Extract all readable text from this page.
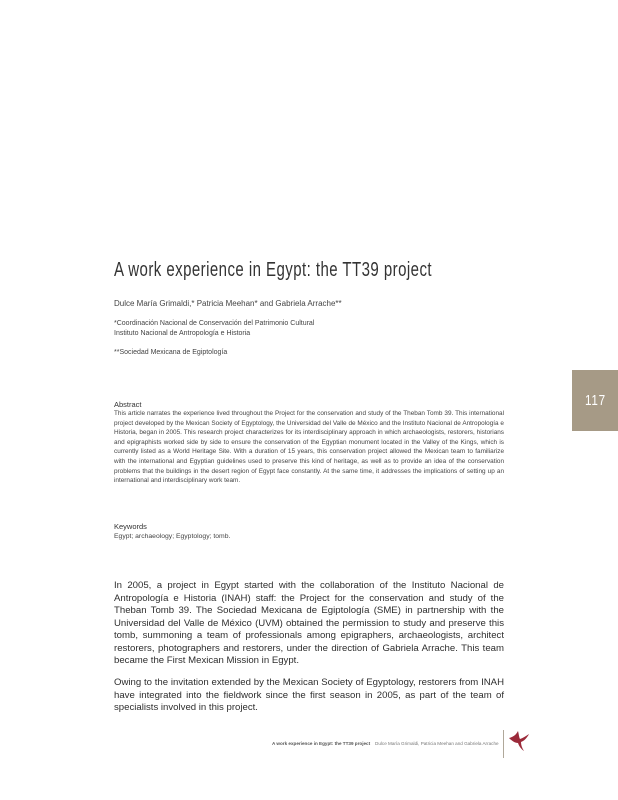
117
A work experience in Egypt: the TT39 project
Dulce María Grimaldi,* Patricia Meehan* and Gabriela Arrache**
*Coordinación Nacional de Conservación del Patrimonio Cultural
Instituto Nacional de Antropología e Historia
**Sociedad Mexicana de Egiptología
Abstract

This article narrates the experience lived throughout the Project for the conservation and study of the Theban Tomb 39. This international project developed by the Mexican Society of Egyptology, the Universidad del Valle de México and the Instituto Nacional de Antropología e Historia, began in 2005. This research project characterizes for its interdisciplinary approach in which archaeologists, restorers, historians and epigraphists worked side by side to ensure the conservation of the Egyptian monument located in the Valley of the Kings, which is currently listed as a World Heritage Site. With a duration of 15 years, this conservation project allowed the Mexican team to familiarize with the international and Egyptian guidelines used to preserve this kind of heritage, as well as to provide an idea of the conservation problems that the buildings in the desert region of Egypt face constantly. At the same time, it addresses the implications of setting up an international and interdisciplinary work team.

Keywords
Egypt; archaeology; Egyptology; tomb.

In 2005, a project in Egypt started with the collaboration of the Instituto Nacional de Antropología e Historia (INAH) staff: the Project for the conservation and study of the Theban Tomb 39. The Sociedad Mexicana de Egiptología (SME) in partnership with the Universidad del Valle de México (UVM) obtained the permission to study and preserve this tomb, summoning a team of professionals among epigraphers, archaeologists, architect restorers, photographers and restorers, under the direction of Gabriela Arrache. This team became the First Mexican Mission in Egypt.

Owing to the invitation extended by the Mexican Society of Egyptology, restorers from INAH have integrated into the fieldwork since the first season in 2005, as part of the team of specialists involved in this project.

A work experience in Egypt: the TT39 project Dulce María Grimaldi, Patricia Meehan and Gabriela Arrache
